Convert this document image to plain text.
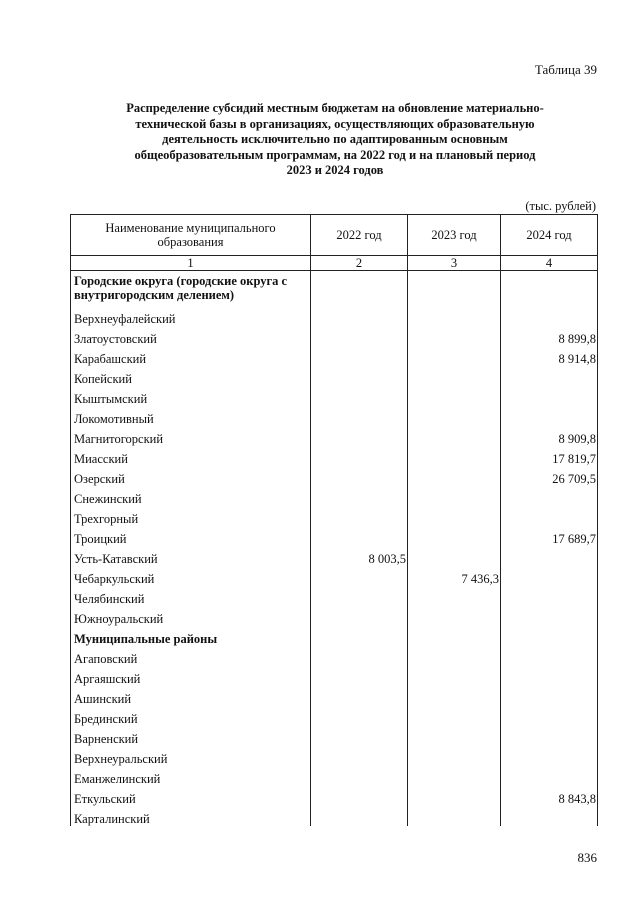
Таблица 39
Распределение субсидий местным бюджетам на обновление материально-
технической базы в организациях, осуществляющих образовательную
деятельность исключительно по адаптированным основным
общеобразовательным программам, на 2022 год и на плановый период
2023 и 2024 годов
(тыс. рублей)
Наименование муниципального образования	2022 год	2023 год	2024 год
1	2	3	4
Городские округа (городские округа с внутригородским делением)			
Верхнеуфалейский			
Златоустовский			8 899,8
Карабашский			8 914,8
Копейский			
Кыштымский			
Локомотивный			
Магнитогорский			8 909,8
Миасский			17 819,7
Озерский			26 709,5
Снежинский			
Трехгорный			
Троицкий			17 689,7
Усть-Катавский	8 003,5		
Чебаркульский		7 436,3	
Челябинский			
Южноуральский			
Муниципальные районы			
Агаповский			
Аргаяшский			
Ашинский			
Брединский			
Варненский			
Верхнеуральский			
Еманжелинский			
Еткульский			8 843,8
Карталинский			
836
